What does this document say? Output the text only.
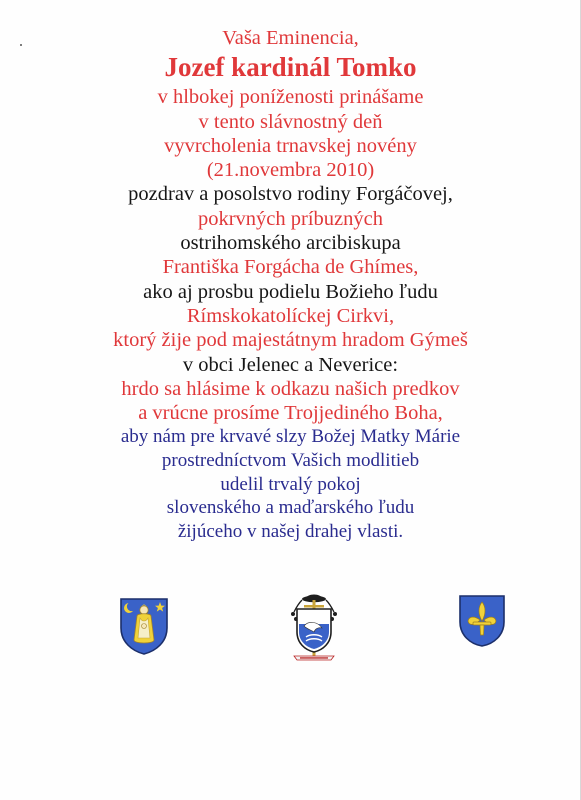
Vaša Eminencia,
Jozef kardinál Tomko
v hlbokej poníženosti prinášame
v tento slávnostný deň
vyvrcholenia trnavskej novény
(21.novembra 2010)
pozdrav a posolstvo rodiny Forgáčovej,
pokrvných príbuzných
ostrihomského arcibiskupa
Františka Forgácha de Ghímes,
ako aj prosbu podielu Božieho ľudu
Rímskokatolíckej Cirkvi,
ktorý žije pod majestátnym hradom Gýmeš
v obci Jelenec a Neverice:
hrdo sa hlásime k odkazu našich predkov
a vrúcne prosíme Trojjediného Boha,
aby nám pre krvavé slzy Božej Matky Márie
prostredníctvom Vašich modlitieb
udelil trvalý pokoj
slovenského a maďarského ľudu
žijúceho v našej drahej vlasti.
